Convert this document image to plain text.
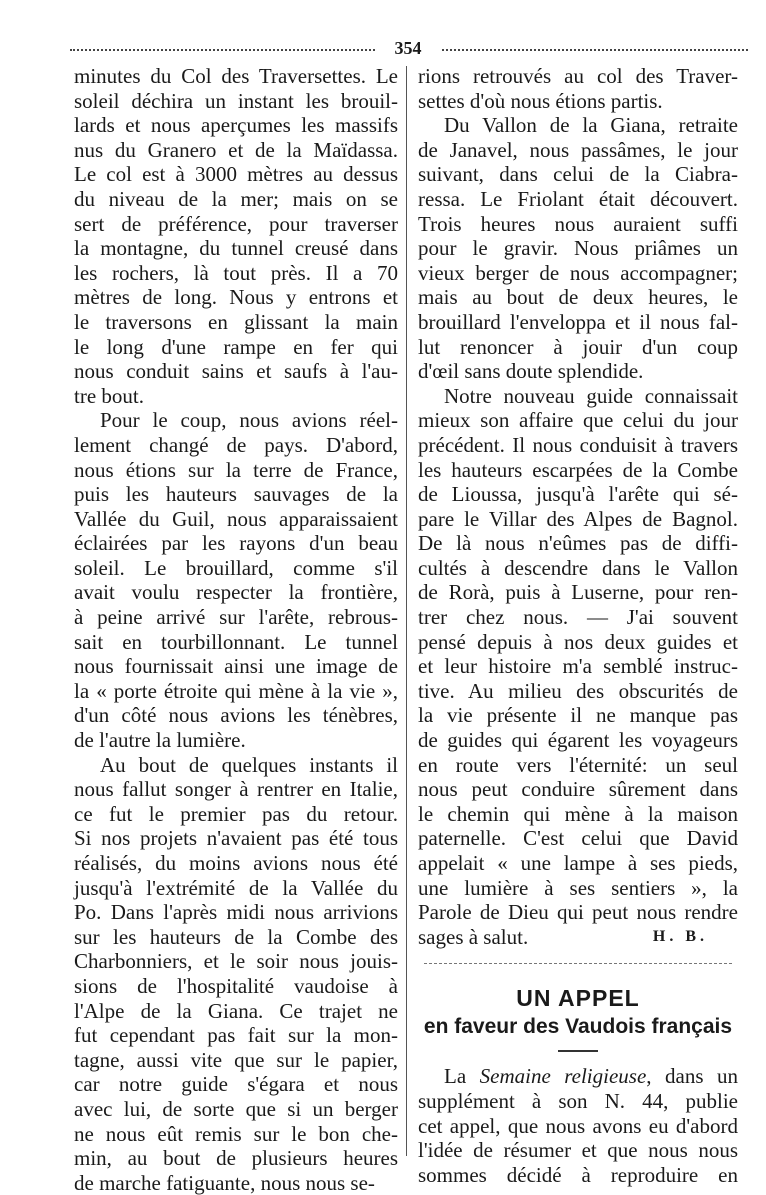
354
minutes du Col des Traversettes. Le
soleil déchira un instant les brouil-
lards et nous aperçumes les massifs
nus du Granero et de la Maïdassa.
Le col est à 3000 mètres au dessus
du niveau de la mer; mais on se
sert de préférence, pour traverser
la montagne, du tunnel creusé dans
les rochers, là tout près. Il a 70
mètres de long. Nous y entrons et
le traversons en glissant la main
le long d'une rampe en fer qui
nous conduit sains et saufs à l'au-
tre bout.
Pour le coup, nous avions réel-
lement changé de pays. D'abord,
nous étions sur la terre de France,
puis les hauteurs sauvages de la
Vallée du Guil, nous apparaissaient
éclairées par les rayons d'un beau
soleil. Le brouillard, comme s'il
avait voulu respecter la frontière,
à peine arrivé sur l'arête, rebrous-
sait en tourbillonnant. Le tunnel
nous fournissait ainsi une image de
la « porte étroite qui mène à la vie »,
d'un côté nous avions les ténèbres,
de l'autre la lumière.
Au bout de quelques instants il
nous fallut songer à rentrer en Italie,
ce fut le premier pas du retour.
Si nos projets n'avaient pas été tous
réalisés, du moins avions nous été
jusqu'à l'extrémité de la Vallée du
Po. Dans l'après midi nous arrivions
sur les hauteurs de la Combe des
Charbonniers, et le soir nous jouis-
sions de l'hospitalité vaudoise à
l'Alpe de la Giana. Ce trajet ne
fut cependant pas fait sur la mon-
tagne, aussi vite que sur le papier,
car notre guide s'égara et nous
avec lui, de sorte que si un berger
ne nous eût remis sur le bon che-
min, au bout de plusieurs heures
de marche fatiguante, nous nous se-
rions retrouvés au col des Traver-
settes d'où nous étions partis.
Du Vallon de la Giana, retraite
de Janavel, nous passâmes, le jour
suivant, dans celui de la Ciabra-
ressa. Le Friolant était découvert.
Trois heures nous auraient suffi
pour le gravir. Nous priâmes un
vieux berger de nous accompagner;
mais au bout de deux heures, le
brouillard l'enveloppa et il nous fal-
lut renoncer à jouir d'un coup
d'œil sans doute splendide.
Notre nouveau guide connaissait
mieux son affaire que celui du jour
précédent. Il nous conduisit à travers
les hauteurs escarpées de la Combe
de Lioussa, jusqu'à l'arête qui sé-
pare le Villar des Alpes de Bagnol.
De là nous n'eûmes pas de diffi-
cultés à descendre dans le Vallon
de Rorà, puis à Luserne, pour ren-
trer chez nous. — J'ai souvent
pensé depuis à nos deux guides et
et leur histoire m'a semblé instruc-
tive. Au milieu des obscurités de
la vie présente il ne manque pas
de guides qui égarent les voyageurs
en route vers l'éternité: un seul
nous peut conduire sûrement dans
le chemin qui mène à la maison
paternelle. C'est celui que David
appelait « une lampe à ses pieds,
une lumière à ses sentiers », la
Parole de Dieu qui peut nous rendre
sages à salut.	H. B.
UN APPEL
en faveur des Vaudois français
La Semaine religieuse, dans un
supplément à son N. 44, publie
cet appel, que nous avons eu d'abord
l'idée de résumer et que nous nous
sommes décidé à reproduire en
